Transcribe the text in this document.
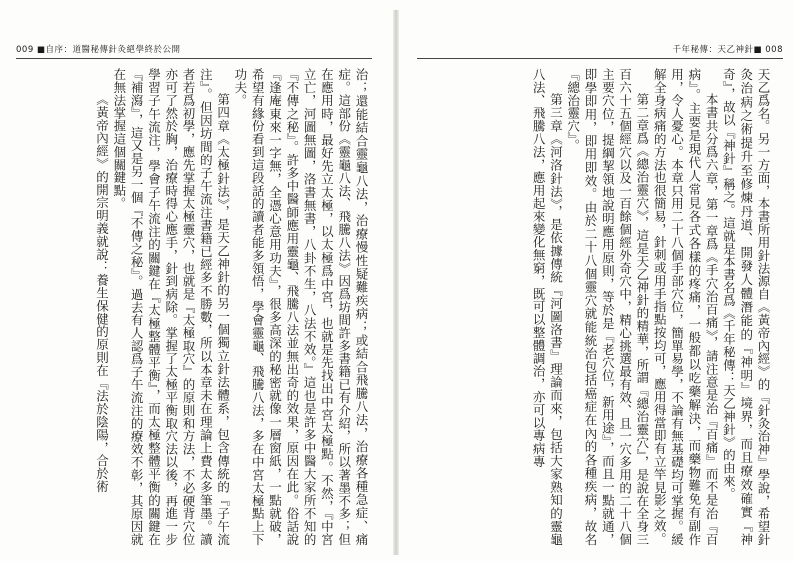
009 ■自序：道醫秘傳針灸絕學終於公開
治；還能結合靈龜八法，治療慢性疑難疾病；或結合飛騰八法，治療各種急症、痛症。這部份《靈龜八法、飛騰八法》因爲坊間許多書籍已有介紹，所以著墨不多；但在應用時，最好先立太極，以太極爲中宮，也就是先找出中宮太極點。不然，『中宮立亡，河圖無圖，洛書無書，八卦不生，八法不效。』這也是許多中醫大家所不知的『不傳之秘』。許多中醫師應用靈龜、飛騰八法並無出奇的效果，原因在此。俗話說『逢庵東來一字無，全憑心意用功夫』，很多高深的秘密就像一層窗紙，一點就破，希望有緣份看到這段話的讀者能多領悟，學會靈龜、飛騰八法，多在中宮太極點上下功夫。
第四章《太極針法》，是天乙神針的另一個獨立針法體系，包含傳統的『子午流注』。但因坊間的子午流注書籍已經多不勝數，所以本章未在理論上費太多筆墨。讀者若爲初學，應先掌握太極靈穴，也就是『太極取穴』的原則和方法，不必硬背穴位亦可了然於胸，治療時得心應手，針到病除。掌握了太極平衡取穴法以後，再進一步學習子午流注，學會子午流注的關鍵在『太極整體平衡』，而太極整體平衡的關鍵在『補瀉』，這又是另一個『不傳之秘』。過去有人認爲子午流注的療效不彰，其原因就在無法掌握這個關鍵點。
《黃帝內經》的開宗明義就說：養生保健的原則在『法於陰陽，合於術
千年秘傳：天乙神針■ 008
天乙爲名。另一方面，本書所用針法源自《黃帝內經》的『針灸治神』學說，希望針灸治病之術提升至修煉丹道、開發人體潛能的『神明』境界，而且療效確實『神奇』，故以『神針』稱之。這就是本書名爲《千年秘傳：天乙神針》的由來。
本書共分爲六章，第一章爲《手穴治百痛》，請注意是治『百痛』而不是治『百病』。主要是現代人常見各式各樣的疼痛，一般都以吃藥解決，而藥物難免有副作用，令人憂心。本章只用二十八個手部穴位，簡單易學，不論有無基礎均可掌握。緩解全身病痛的方法也很簡易，針刺或用手指點按均可，應用得當即有立竿見影之效。
第二章爲《總治靈穴》，這是天乙神針的精華，所謂『總治靈穴』，是說在全身三百六十五個經穴以及一百餘個經外奇穴中，精心挑選最有效、且一穴多用的二十八個主要穴位，提綱挈領地說明應用原則，等於是『老穴位，新用途』，而且一點就通，即學即用，即用即效。由於二十八個靈穴就能統治包括癌症在內的各種疾病，故名『總治靈穴』。
第三章《河洛針法》，是依據傳統『河圖洛書』理論而來，包括大家熟知的靈龜八法、飛騰八法，應用起來變化無窮，既可以整體調治，亦可以專病專
